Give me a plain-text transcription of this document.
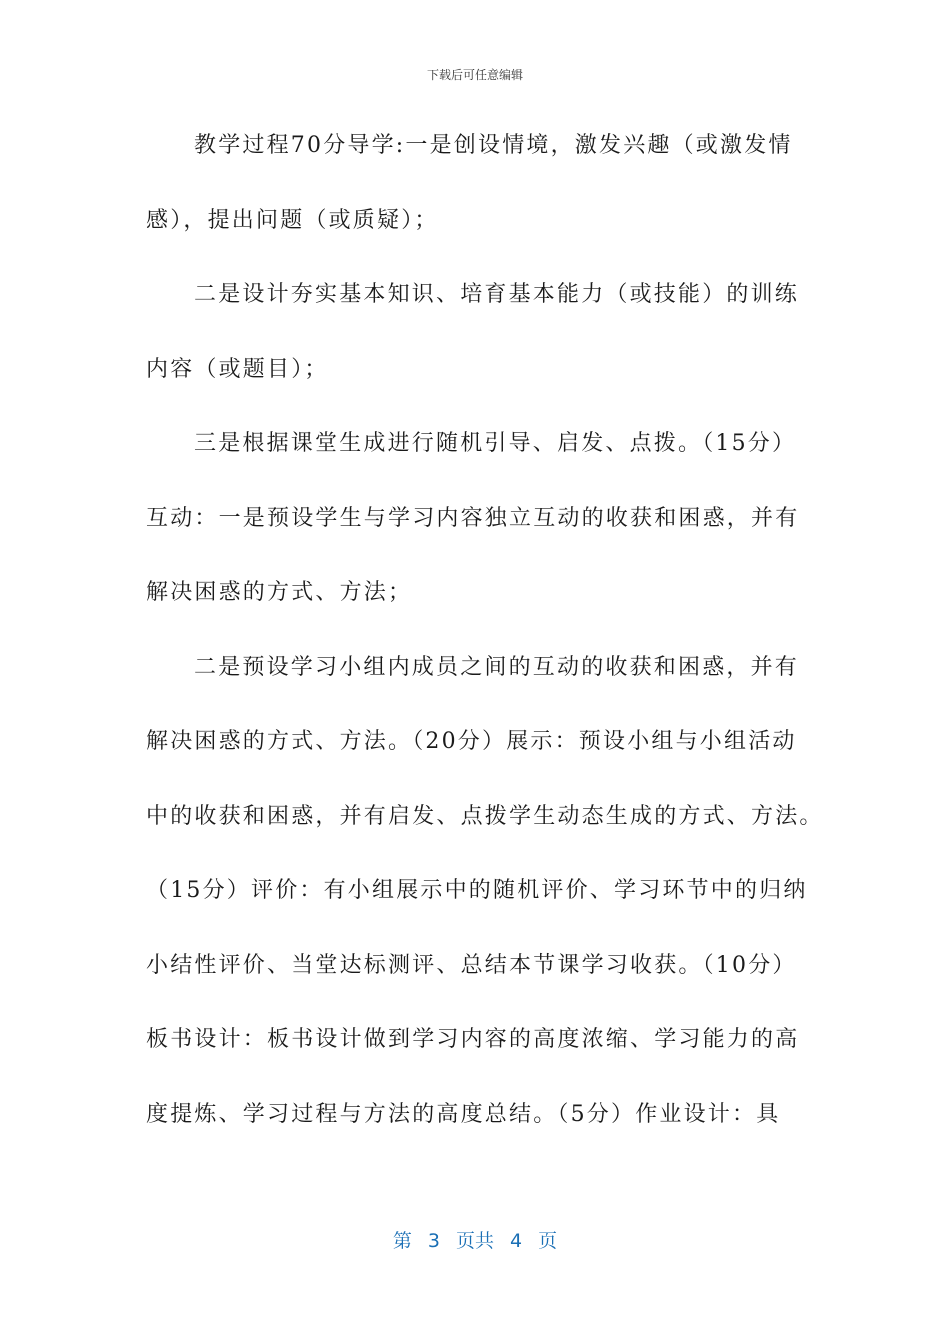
下载后可任意编辑
教学过程70分导学:一是创设情境，激发兴趣（或激发情
感），提出问题（或质疑）；
二是设计夯实基本知识、培育基本能力（或技能）的训练
内容（或题目）；
三是根据课堂生成进行随机引导、启发、点拨。（15分）
互动：一是预设学生与学习内容独立互动的收获和困惑，并有
解决困惑的方式、方法；
二是预设学习小组内成员之间的互动的收获和困惑，并有
解决困惑的方式、方法。（20分）展示：预设小组与小组活动
中的收获和困惑，并有启发、点拨学生动态生成的方式、方法。
（15分）评价：有小组展示中的随机评价、学习环节中的归纳
小结性评价、当堂达标测评、总结本节课学习收获。（10分）
板书设计：板书设计做到学习内容的高度浓缩、学习能力的高
度提炼、学习过程与方法的高度总结。（5分）作业设计：具
第 3 页共 4 页
